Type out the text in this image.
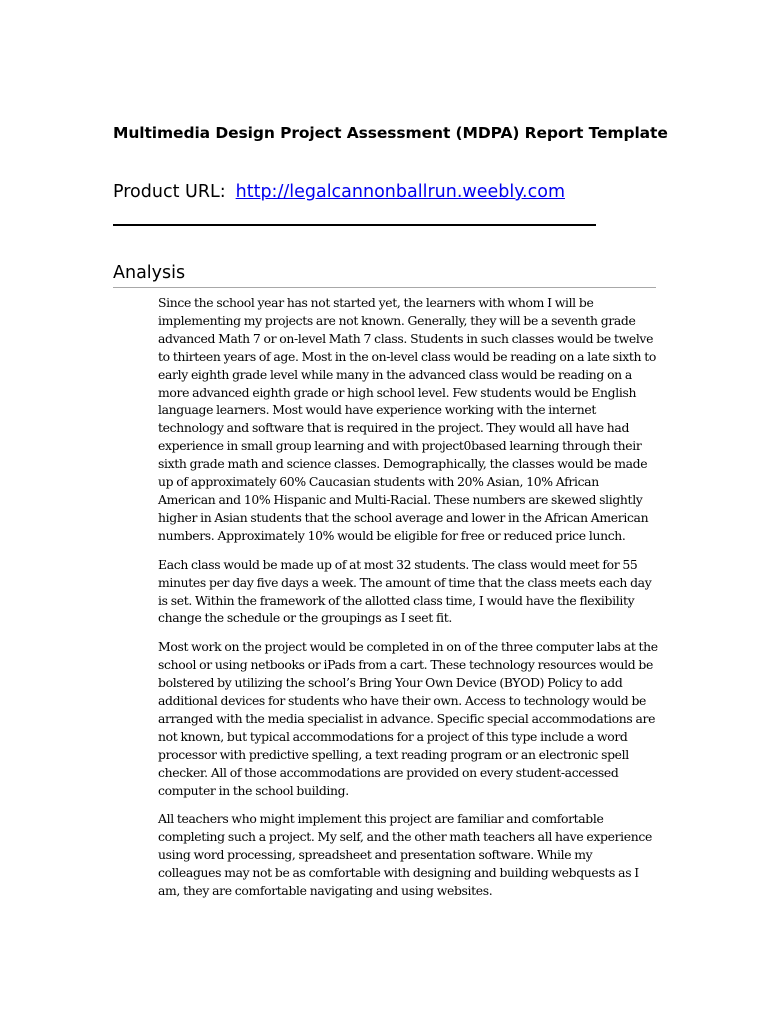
Multimedia Design Project Assessment (MDPA) Report Template
Product URL: http://legalcannonballrun.weebly.com
Analysis

Since the school year has not started yet, the learners with whom I will be implementing my projects are not known. Generally, they will be a seventh grade advanced Math 7 or on-level Math 7 class. Students in such classes would be twelve to thirteen years of age. Most in the on-level class would be reading on a late sixth to early eighth grade level while many in the advanced class would be reading on a more advanced eighth grade or high school level. Few students would be English language learners. Most would have experience working with the internet technology and software that is required in the project. They would all have had experience in small group learning and with project0based learning through their sixth grade math and science classes. Demographically, the classes would be made up of approximately 60% Caucasian students with 20% Asian, 10% African American and 10% Hispanic and Multi-Racial. These numbers are skewed slightly higher in Asian students that the school average and lower in the African American numbers. Approximately 10% would be eligible for free or reduced price lunch.

Each class would be made up of at most 32 students. The class would meet for 55 minutes per day five days a week. The amount of time that the class meets each day is set. Within the framework of the allotted class time, I would have the flexibility change the schedule or the groupings as I seet fit.

Most work on the project would be completed in on of the three computer labs at the school or using netbooks or iPads from a cart. These technology resources would be bolstered by utilizing the school’s Bring Your Own Device (BYOD) Policy to add additional devices for students who have their own. Access to technology would be arranged with the media specialist in advance. Specific special accommodations are not known, but typical accommodations for a project of this type include a word processor with predictive spelling, a text reading program or an electronic spell checker. All of those accommodations are provided on every student-accessed computer in the school building.

All teachers who might implement this project are familiar and comfortable completing such a project. My self, and the other math teachers all have experience using word processing, spreadsheet and presentation software. While my colleagues may not be as comfortable with designing and building webquests as I am, they are comfortable navigating and using websites.
